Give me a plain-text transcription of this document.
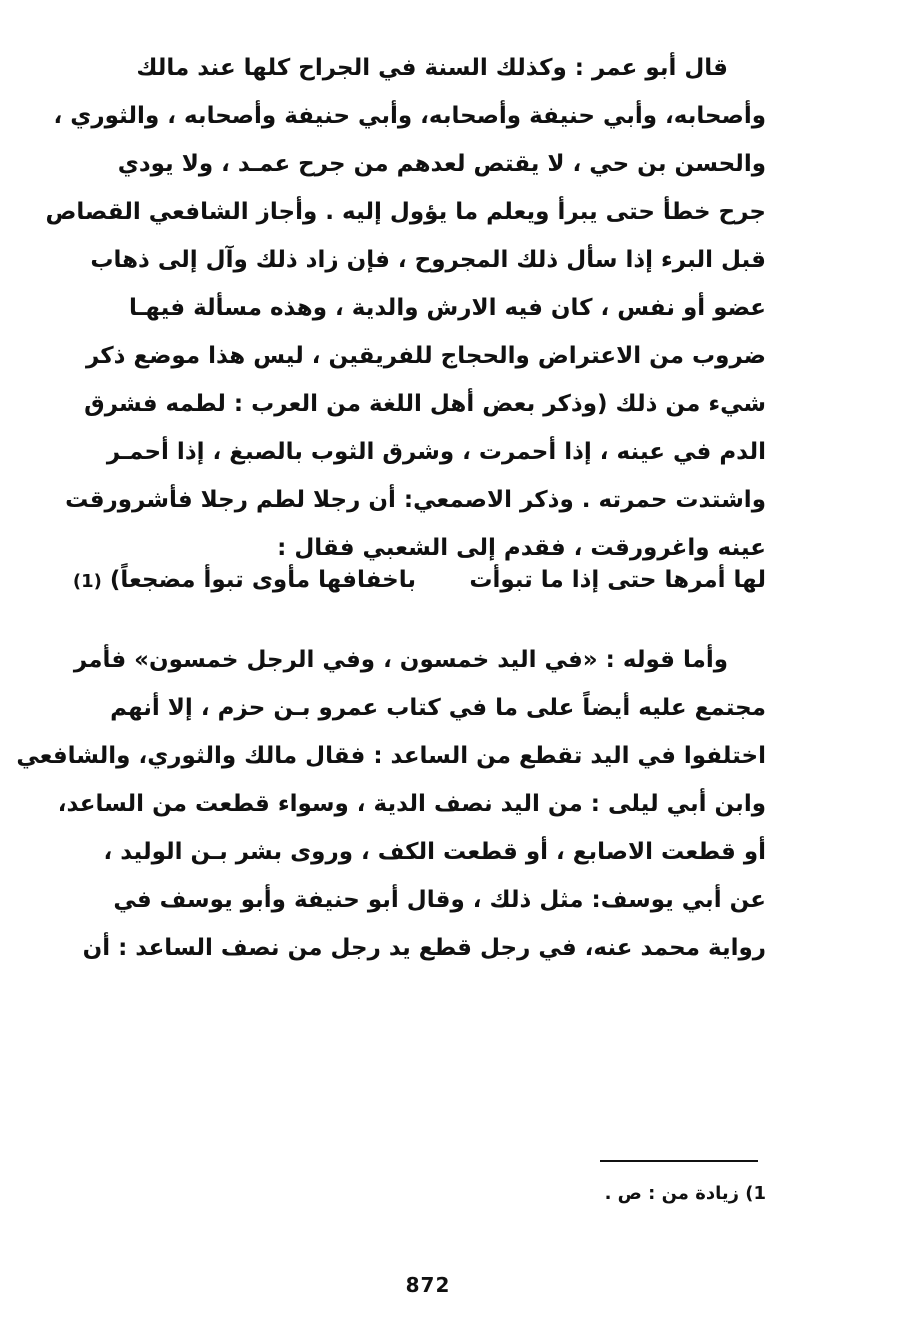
قال أبو عمر : وكذلك السنة في الجراح كلها عند مالك
وأصحابه، وأبي حنيفة وأصحابه، وأبي حنيفة وأصحابه ، والثوري ،
والحسن بن حي ، لا يقتص لعدهم من جرح عمـد ، ولا يودي
جرح خطأ حتى يبرأ ويعلم ما يؤول إليه . وأجاز الشافعي القصاص
قبل البرء إذا سأل ذلك المجروح ، فإن زاد ذلك وآل إلى ذهاب
عضو أو نفس ، كان فيه الارش والدية ، وهذه مسألة فيهـا
ضروب من الاعتراض والحجاج للفريقين ، ليس هذا موضع ذكر
شيء من ذلك (وذكر بعض أهل اللغة من العرب : لطمه فشرق
الدم في عينه ، إذا أحمرت ، وشرق الثوب بالصبغ ، إذا أحمـر
واشتدت حمرته . وذكر الاصمعي: أن رجلا لطم رجلا فأشرورقت
عينه واغرورقت ، فقدم إلى الشعبي فقال :
لها أمرها حتى إذا ما تبوأت
باخفافها مأوى تبوأ مضجعاً) (1)
وأما قوله : «في اليد خمسون ، وفي الرجل خمسون» فأمر
مجتمع عليه أيضاً على ما في كتاب عمرو بـن حزم ، إلا أنهم
اختلفوا في اليد تقطع من الساعد : فقال مالك والثوري، والشافعي
وابن أبي ليلى : من اليد نصف الدية ، وسواء قطعت من الساعد،
أو قطعت الاصابع ، أو قطعت الكف ، وروى بشر بـن الوليد ،
عن أبي يوسف: مثل ذلك ، وقال أبو حنيفة وأبو يوسف في
رواية محمد عنه، في رجل قطع يد رجل من نصف الساعد : أن
1) زيادة من : ص .
872
